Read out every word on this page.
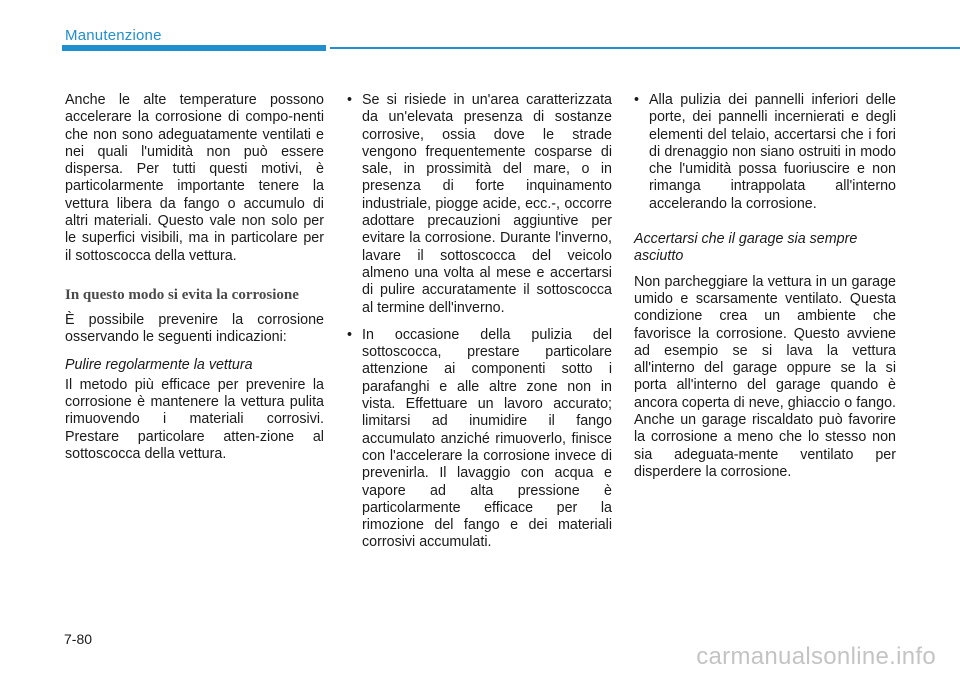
Manutenzione

Anche le alte temperature possono accelerare la corrosione di compo-nenti che non sono adeguatamente ventilati e nei quali l'umidità non può essere dispersa. Per tutti questi motivi, è particolarmente importante tenere la vettura libera da fango o accumulo di altri materiali. Questo vale non solo per le superfici visibili, ma in particolare per il sottoscocca della vettura.

In questo modo si evita la corrosione

È possibile prevenire la corrosione osservando le seguenti indicazioni:

Pulire regolarmente la vettura

Il metodo più efficace per prevenire la corrosione è mantenere la vettura pulita rimuovendo i materiali corrosivi. Prestare particolare atten-zione al sottoscocca della vettura.

• Se si risiede in un'area caratterizzata da un'elevata presenza di sostanze corrosive, ossia dove le strade vengono frequentemente cosparse di sale, in prossimità del mare, o in presenza di forte inquinamento industriale, piogge acide, ecc.-, occorre adottare precauzioni aggiuntive per evitare la corrosione. Durante l'inverno, lavare il sottoscocca del veicolo almeno una volta al mese e accertarsi di pulire accuratamente il sottoscocca al termine dell'inverno.
• In occasione della pulizia del sottoscocca, prestare particolare attenzione ai componenti sotto i parafanghi e alle altre zone non in vista. Effettuare un lavoro accurato; limitarsi ad inumidire il fango accumulato anziché rimuoverlo, finisce con l'accelerare la corrosione invece di prevenirla. Il lavaggio con acqua e vapore ad alta pressione è particolarmente efficace per la rimozione del fango e dei materiali corrosivi accumulati.
• Alla pulizia dei pannelli inferiori delle porte, dei pannelli incernierati e degli elementi del telaio, accertarsi che i fori di drenaggio non siano ostruiti in modo che l'umidità possa fuoriuscire e non rimanga intrappolata all'interno accelerando la corrosione.
Accertarsi che il garage sia sempre asciutto

Non parcheggiare la vettura in un garage umido e scarsamente ventilato. Questa condizione crea un ambiente che favorisce la corrosione. Questo avviene ad esempio se si lava la vettura all'interno del garage oppure se la si porta all'interno del garage quando è ancora coperta di neve, ghiaccio o fango. Anche un garage riscaldato può favorire la corrosione a meno che lo stesso non sia adeguata-mente ventilato per disperdere la corrosione.

7-80
carmanualsonline.info
